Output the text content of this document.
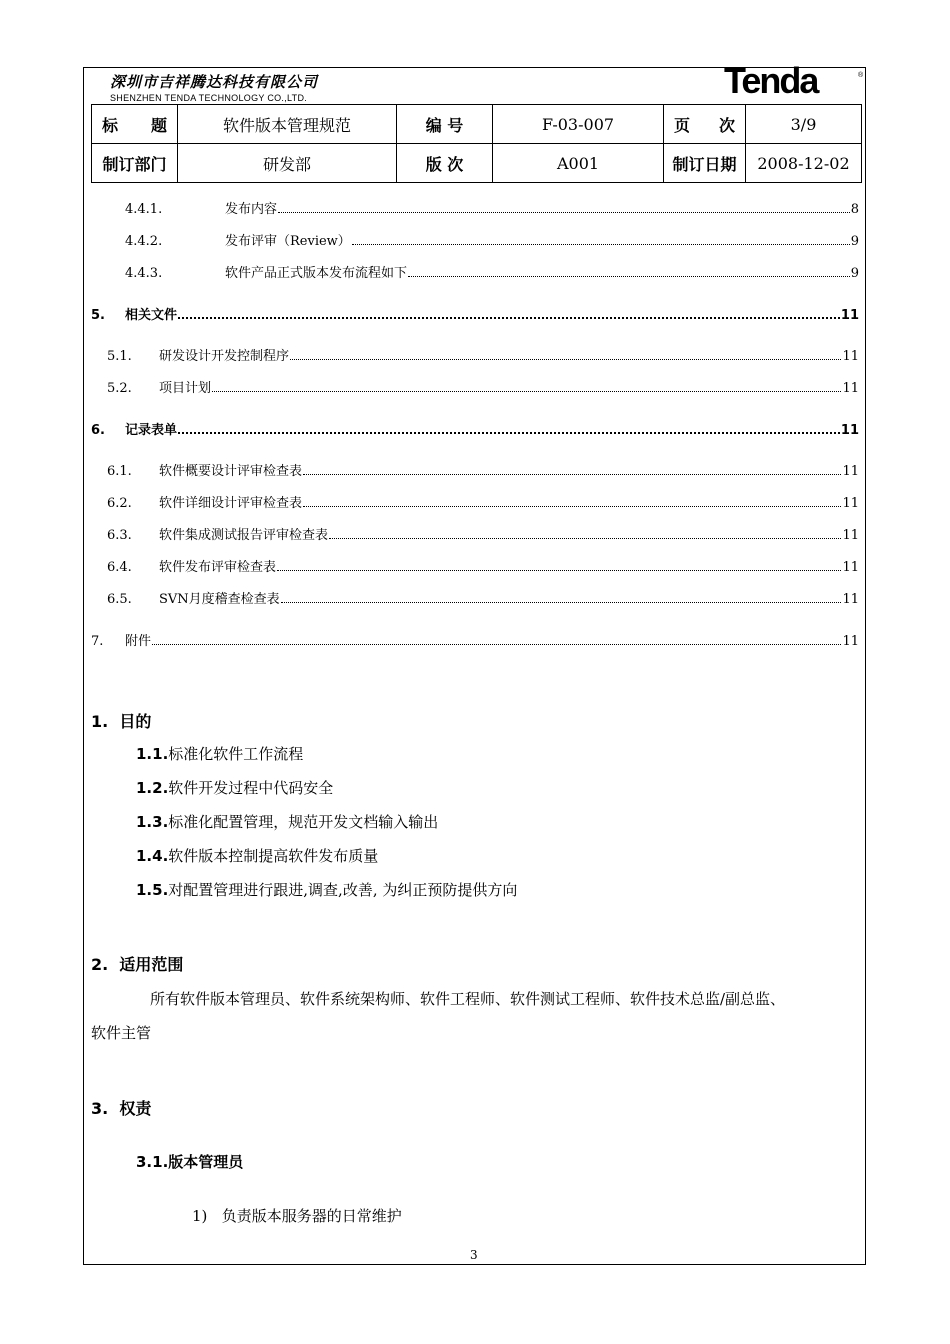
深圳市吉祥腾达科技有限公司
SHENZHEN TENDA TECHNOLOGY CO.,LTD.	Tenda	®
标 题	软件版本管理规范	编 号	F-03-007	页 次	3/9
制订部门	研发部	版 次	A001	制订日期	2008-12-02
4.4.1.	发布内容	8
4.4.2.	发布评审（Review）	9
4.4.3.	软件产品正式版本发布流程如下	9
5.	相关文件	11
5.1.	研发设计开发控制程序	11
5.2.	项目计划	11
6.	记录表单	11
6.1.	软件概要设计评审检查表	11
6.2.	软件详细设计评审检查表	11
6.3.	软件集成测试报告评审检查表	11
6.4.	软件发布评审检查表	11
6.5.	SVN月度稽查检查表	11
7.	附件	11
1.  目的
1.1.标准化软件工作流程
1.2.软件开发过程中代码安全
1.3.标准化配置管理，规范开发文档输入输出
1.4.软件版本控制提高软件发布质量
1.5.对配置管理进行跟进,调查,改善, 为纠正预防提供方向
2.  适用范围
所有软件版本管理员、软件系统架构师、软件工程师、软件测试工程师、软件技术总监/副总监、
软件主管
3.  权责
3.1.版本管理员
1)   负责版本服务器的日常维护
3
